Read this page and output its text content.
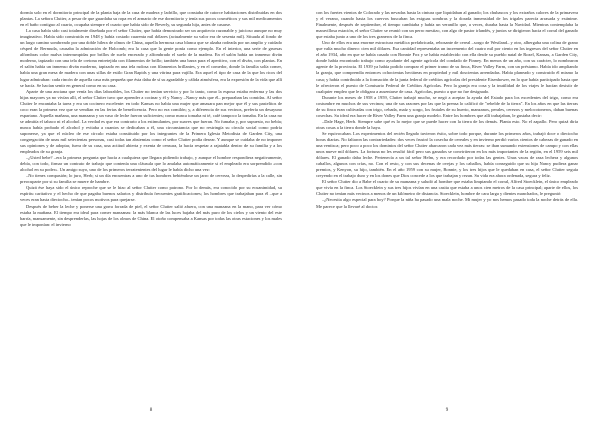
dormía solo en el dormitorio principal de la planta baja de la casa de madera y ladrillo, que constaba de catorce habitaciones distribuidas en dos plantas. La señora Clutter, a pesar de que guardaba su ropa en el armario de ese dormitorio y tenía sus pocos cosméticos y sus mil medicamentos en el baño contiguo al cuarto, ocupaba siempre el cuarto que había sido de Beverly, su segunda hija, antes de casarse.

La casa había sido casi totalmente diseñada por el señor Clutter, que había demostrado ser un arquitecto razonable y juicioso aunque no muy imaginativo. Había sido construida en 1948 y había costado cuarenta mil dólares (actualmente su valor era de sesenta mil). Situada al fondo de un largo camino sombreado por una doble hilera de olmos de China, aquella hermosa casa blanca que se alzaba rodeada por un amplio y cuidado césped de Bermuda, causaba la admiración de Holcomb; era la casa que la gente ponía como ejemplo. En el interior, una serie de gruesas alfombras color malva interrumpidas por brillos de suelo encerado y alfombrado el suelo de la madera. En el salón había un inmenso diván moderno, tapizado con una tela de cretona entretejida con filamentos de brillo; también una barra para el aperitivo, con el diván, con plantas. En el salón había un inmenso diván moderno, tapizado en una tela rudosa con filamentos brillantes, y en el comedor, donde la familia solía comer, había una gran mesa de madera con unas sillas de estilo Gran Rapids y una vitrina para vajilla. Era aquel el tipo de casa de la que los ricos del lugar admiraban: cada rincón de aquella casa más pequeña que ésta daba de sí su agradable y cálida atmósfera, era la expresión de la vida que allí se hacía. Se hacían sentir en general como en su casa.

Aparte de una anciana que venía los días laborables, los Clutter no tenían servicio y por lo tanto, como la esposa estaba enferma y las dos hijas mayores ya no vivían allí, el señor Clutter tuvo que aprender a cocinar y él y Nancy –Nancy más que él– preparaban las comidas. Al señor Clutter le encantaba la tarea y era un cocinero excelente: en todo Kansas no había una mujer que amasara pan mejor que él y sus pastelitos de coco eran la primera vez que se vendían en las ferias de beneficencia. Pero no era comilón; y, a diferencia de sus vecinos, prefería un desayuno espartano. Aquella mañana, una manzana y un vaso de leche fueron suficientes; como nunca tomaba ni té, café tampoco la tomaba. En la casa no se admitía el tabaco ni el alcohol. La verdad es que era contrario a los estimulantes, por suaves que fueran. No fumaba y, por supuesto, no bebía; nunca había probado el alcohol y evitaba a cuantos se dedicaban a él, una circunstancia que no restringía su círculo social como podría suponerse, ya que el núcleo de ese círculo estaba constituido por los integrantes de la Primera Iglesia Metodista de Garden City, una congregación de unas mil setecientas personas, casi todas tan abstemias como el señor Clutter podía desear. Y aunque se cuidaba de no imponer sus opiniones y de adoptar, fuera de su casa, una actitud abierta y exenta de censura, la hacía respetar a rajatabla dentro de su familia y a los empleados de su granja.

–¿Usted bebe? –era la primera pregunta que hacía a cualquiera que llegara pidiendo trabajo, y aunque el hombre respondiera negativamente, debía, con todo, firmar un contrato de trabajo que contenía una cláusula que lo anulaba automáticamente si el empleado era sorprendido «con alcohol en su poder». Un amigo suyo, uno de los primeros terratenientes del lugar le había dicho una vez:

–No tienes compasión; lo juro, Herb; si un día encuentras a uno de tus hombres bebiéndose un jarro de cerveza, lo despedirías a la calle, sin preocuparte por si su familia se muere de hambre.

Quizá ése haya sido el único reproche que se le hizo al señor Clutter como patrono. Por lo demás, era conocido por su ecuanimidad, su espíritu caritativo y el hecho de que pagaba buenos salarios y distribuía frecuentes gratificaciones; los hombres que trabajaban para él –que a veces eran hasta dieciocho– tenían pocos motivos para quejarse.

Después de beber la leche y ponerse una gorra forrada de piel, el señor Clutter salió afuera, con una manzana en la mano, para ver cómo estaba la mañana. El tiempo era ideal para comer manzanas: la más blanca de las luces bajaba del más puro de los cielos y un viento del este barría, mansamente, sin desprenderlas, las hojas de los olmos de China. El otoño compensaba a Kansas por todas las otras estaciones y los males que le imponían: el invierno

8

con los fuertes vientos de Colorado y las nevadas hasta la cintura que liquidaban al ganado; los chubascos y los extraños calores de la primavera y el verano, cuando hasta los cuervos buscaban las exiguas sombras y la dorada inmensidad de los trigales parecía arrasada y exánime. Finalmente, después de septiembre, el tiempo cambiaba y había un veranillo que, a veces, duraba hasta la Navidad. Mientras contemplaba la maravillosa estación, el señor Clutter se reunió con un perro mestizo, con algo de pastor irlandés, y juntos se dirigieron hacia el corral del ganado que estaba junto a uno de los tres graneros de la finca.

Uno de ellos era una enorme estructura metálica prefabricada, rebosante de cereal –sorgo de Westland– y otro, albergaba una colina de grano que valía mucho dinero: cien mil dólares. Esa cantidad representaba un incremento del cuatro mil por ciento en los ingresos del señor Clutter en el año 1934, año en que se había casado con Bonnie Fox y se había establecido con ella desde su pueblo natal de Rozel, Kansas, a Garden City, donde había encontrado trabajo como ayudante del agente agrícola del condado de Finney. En menos de un año, con su carácter, lo nombraron agente de la provincia. El 1939 ya había podido comprar el primer tramo de su finca, River Valley Farm, con un préstamo. Había ido ampliando la granja, que comprendía entonces ochocientas hectáreas en propiedad y mil doscientas arrendadas. Había planeado y construido él mismo la casa; y había contribuido a la formación de la junta federal de créditos agrícolas del presidente Eisenhower, en lo que había participado hasta que le ofrecieron el puesto de Comisario Federal de Créditos Agrícolas. Pero la granja era cosa y la inutilidad de los viajes le hacían desistir de cualquier empleo que le obligara a ausentarse de casa. Agrícolas, puesto a que no fue designado.

Durante los meses de 1958 a 1959, Clutter trabajó mucho, se negó a aceptar la ayuda del Estado para los excedentes del trigo, como era costumbre en muchos de sus vecinos; una de sus razones por las que la prensa lo calificó de "rebelde de la tierra". En los años en que las tierras de su finca eran cultivadas con trigo, cebada, maíz y sorgo, los frutales de su huerto, manzanos, perales, cerezos y melocotoneros, daban buenas cosechas. Su ideal era hacer de River Valley Farm una granja modelo. Entre los hombres que allí trabajaban, le gustaba decir:

–Dale Hage, Herb. Siempre sabe qué es lo mejor que se puede hacer con la tierra de los demás. Planta esto. No el zapallo. Pero quizá diría otras cosas a la tierra donde la haya.

Se equivocaban. Los experimentos del recién llegado tuvieron éxito, sobre todo porque, durante los primeros años, trabajó doce o dieciocho horas diarias. No faltaron las contrariedades: dos veces frustró la cosecha de cereales y en invierno perdió varios cientos de cabezas de ganado en una ventisca; pero poco a poco los dominios del señor Clutter abarcaron cada vez más tierras: se iban sumando extensiones de campo y con ellas unos nueve mil dólares. La fortuna no les resultó fácil pero sus ganados se convirtieron en los más importantes de la región, en el 1959 seis mil dólares. El ganado daba leche. Pertenecía a un tal señor Helm, y era recordado por todas las gentes. Unas vacas de raza lechera y algunos caballos, algunos con crías, no. Con el resto, y con sus decenas de ovejas y los caballos, había conseguido que su hija Nancy pudiera ganar premios, y Kenyon, su hijo, también. En el año 1959 con su mujer, Bonnie, y los tres hijos que le quedaban en casa, el señor Clutter seguía creyendo en el trabajo duro y en los dones que Dios concede a los que trabajan y rezan. Su vida era ahora ordenada, segura y feliz.

El señor Clutter dio a Babe el cuarto de su manzana y saludó al hombre que estaba limpiando el corral, Alfred Stoecklein, el único empleado que vivía en la finca. Los Stoecklein y sus tres hijos vivían en una casita que estaba a unos cien metros de la casa principal; aparte de ellos, los Clutter no tenían más vecinos a menos de un kilómetro de distancia. Stoecklein, hombre de cara larga y dientes manchados, le preguntó:

–¿Necesita algo especial para hoy? Porque la niña ha pasado una mala noche. Mi mujer y yo nos hemos pasado toda la noche detrás de ella. Me parece que la llevaré al doctor.

9
